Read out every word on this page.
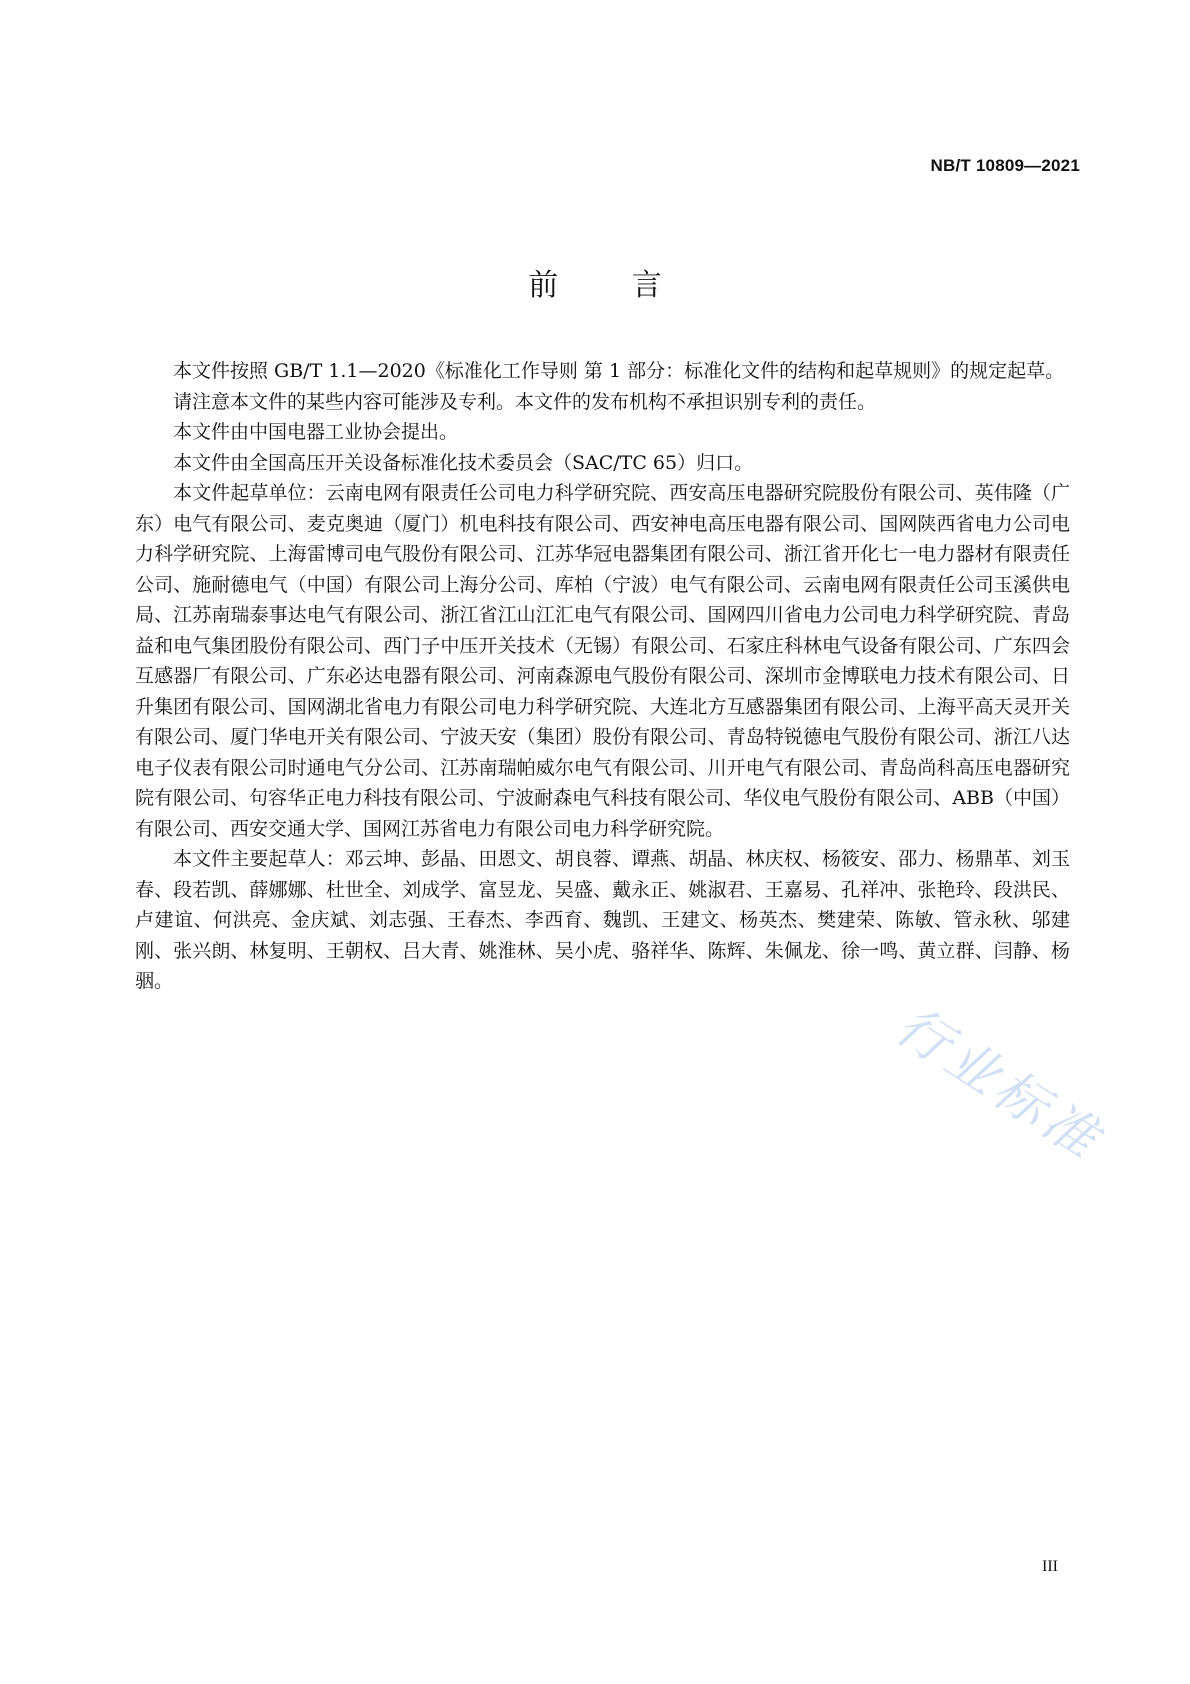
NB/T 10809—2021
前 言

本文件按照 GB/T 1.1—2020《标准化工作导则 第 1 部分：标准化文件的结构和起草规则》的规定起草。

请注意本文件的某些内容可能涉及专利。本文件的发布机构不承担识别专利的责任。

本文件由中国电器工业协会提出。

本文件由全国高压开关设备标准化技术委员会（SAC/TC 65）归口。

本文件起草单位：云南电网有限责任公司电力科学研究院、西安高压电器研究院股份有限公司、英伟隆（广东）电气有限公司、麦克奥迪（厦门）机电科技有限公司、西安神电高压电器有限公司、国网陕西省电力公司电力科学研究院、上海雷博司电气股份有限公司、江苏华冠电器集团有限公司、浙江省开化七一电力器材有限责任公司、施耐德电气（中国）有限公司上海分公司、库柏（宁波）电气有限公司、云南电网有限责任公司玉溪供电局、江苏南瑞泰事达电气有限公司、浙江省江山江汇电气有限公司、国网四川省电力公司电力科学研究院、青岛益和电气集团股份有限公司、西门子中压开关技术（无锡）有限公司、石家庄科林电气设备有限公司、广东四会互感器厂有限公司、广东必达电器有限公司、河南森源电气股份有限公司、深圳市金博联电力技术有限公司、日升集团有限公司、国网湖北省电力有限公司电力科学研究院、大连北方互感器集团有限公司、上海平高天灵开关有限公司、厦门华电开关有限公司、宁波天安（集团）股份有限公司、青岛特锐德电气股份有限公司、浙江八达电子仪表有限公司时通电气分公司、江苏南瑞帕威尔电气有限公司、川开电气有限公司、青岛尚科高压电器研究院有限公司、句容华正电力科技有限公司、宁波耐森电气科技有限公司、华仪电气股份有限公司、ABB（中国）有限公司、西安交通大学、国网江苏省电力有限公司电力科学研究院。

本文件主要起草人：邓云坤、彭晶、田恩文、胡良蓉、谭燕、胡晶、林庆权、杨筱安、邵力、杨鼎革、刘玉春、段若凯、薛娜娜、杜世全、刘成学、富昱龙、吴盛、戴永正、姚淑君、王嘉易、孔祥冲、张艳玲、段洪民、卢建谊、何洪亮、金庆斌、刘志强、王春杰、李西育、魏凯、王建文、杨英杰、樊建荣、陈敏、管永秋、邬建刚、张兴朗、林复明、王朝权、吕大青、姚淮林、吴小虎、骆祥华、陈辉、朱佩龙、徐一鸣、黄立群、闫静、杨骃。

行业标准
III
